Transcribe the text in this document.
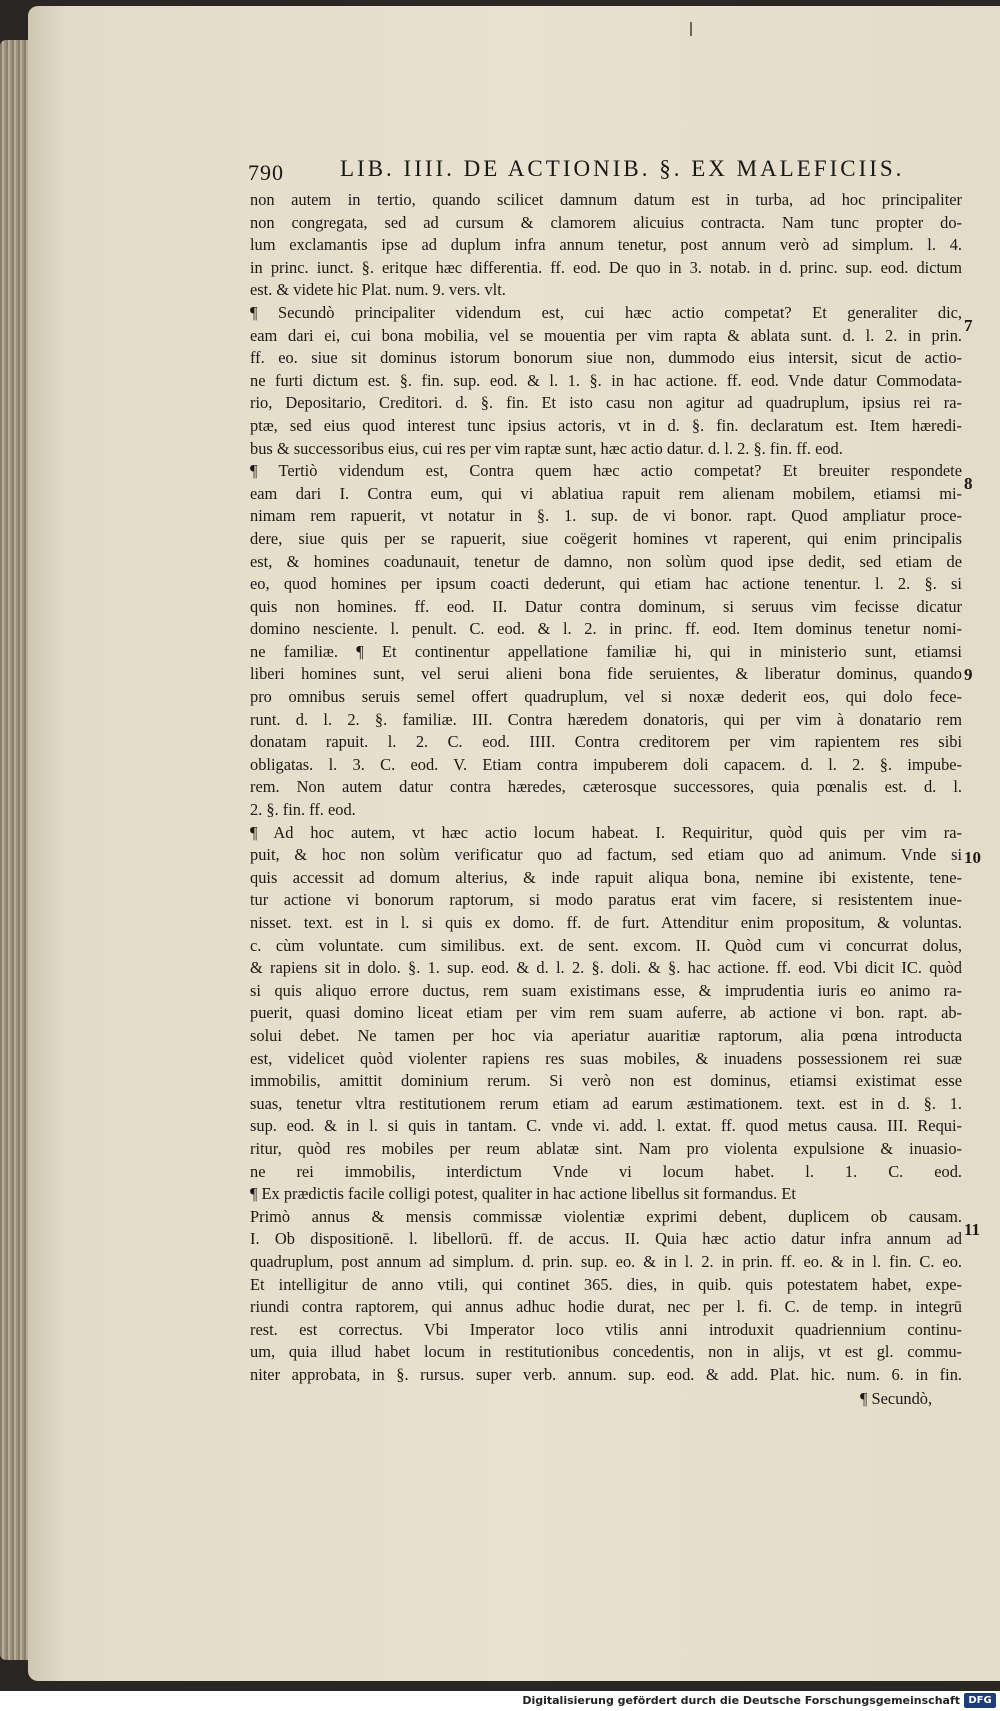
790 LIB. IIII. DE ACTIONIB. §. EX MALEFICIIS.
non autem in tertio, quando scilicet damnum datum est in turba, ad hoc principaliter
non congregata, sed ad cursum & clamorem alicuius contracta. Nam tunc propter do-
lum exclamantis ipse ad duplum infra annum tenetur, post annum verò ad simplum. l. 4.
in princ. iunct. §. eritque hæc differentia. ff. eod. De quo in 3. notab. in d. princ. sup. eod. dictum
est. & videte hic Plat. num. 9. vers. vlt.
¶ Secundò principaliter videndum est, cui hæc actio competat? Et generaliter dic,
eam dari ei, cui bona mobilia, vel se mouentia per vim rapta & ablata sunt. d. l. 2. in prin.
ff. eo. siue sit dominus istorum bonorum siue non, dummodo eius intersit, sicut de actio-
ne furti dictum est. §. fin. sup. eod. & l. 1. §. in hac actione. ff. eod. Vnde datur Commodata-
rio, Depositario, Creditori. d. §. fin. Et isto casu non agitur ad quadruplum, ipsius rei ra-
ptæ, sed eius quod interest tunc ipsius actoris, vt in d. §. fin. declaratum est. Item hæredi-
bus & successoribus eius, cui res per vim raptæ sunt, hæc actio datur. d. l. 2. §. fin. ff. eod.
¶ Tertiò videndum est, Contra quem hæc actio competat? Et breuiter respondete
eam dari I. Contra eum, qui vi ablatiua rapuit rem alienam mobilem, etiamsi mi-
nimam rem rapuerit, vt notatur in §. 1. sup. de vi bonor. rapt. Quod ampliatur proce-
dere, siue quis per se rapuerit, siue coëgerit homines vt raperent, qui enim principalis
est, & homines coadunauit, tenetur de damno, non solùm quod ipse dedit, sed etiam de
eo, quod homines per ipsum coacti dederunt, qui etiam hac actione tenentur. l. 2. §. si
quis non homines. ff. eod. II. Datur contra dominum, si seruus vim fecisse dicatur
domino nesciente. l. penult. C. eod. & l. 2. in princ. ff. eod. Item dominus tenetur nomi-
ne familiæ. ¶ Et continentur appellatione familiæ hi, qui in ministerio sunt, etiamsi
liberi homines sunt, vel serui alieni bona fide seruientes, & liberatur dominus, quando
pro omnibus seruis semel offert quadruplum, vel si noxæ dederit eos, qui dolo fece-
runt. d. l. 2. §. familiæ. III. Contra hæredem donatoris, qui per vim à donatario rem
donatam rapuit. l. 2. C. eod. IIII. Contra creditorem per vim rapientem res sibi
obligatas. l. 3. C. eod. V. Etiam contra impuberem doli capacem. d. l. 2. §. impube-
rem. Non autem datur contra hæredes, cæterosque successores, quia pœnalis est. d. l.
2. §. fin. ff. eod.
¶ Ad hoc autem, vt hæc actio locum habeat. I. Requiritur, quòd quis per vim ra-
puit, & hoc non solùm verificatur quo ad factum, sed etiam quo ad animum. Vnde si
quis accessit ad domum alterius, & inde rapuit aliqua bona, nemine ibi existente, tene-
tur actione vi bonorum raptorum, si modo paratus erat vim facere, si resistentem inue-
nisset. text. est in l. si quis ex domo. ff. de furt. Attenditur enim propositum, & voluntas.
c. cùm voluntate. cum similibus. ext. de sent. excom. II. Quòd cum vi concurrat dolus,
& rapiens sit in dolo. §. 1. sup. eod. & d. l. 2. §. doli. & §. hac actione. ff. eod. Vbi dicit IC. quòd
si quis aliquo errore ductus, rem suam existimans esse, & imprudentia iuris eo animo ra-
puerit, quasi domino liceat etiam per vim rem suam auferre, ab actione vi bon. rapt. ab-
solui debet. Ne tamen per hoc via aperiatur auaritiæ raptorum, alia pœna introducta
est, videlicet quòd violenter rapiens res suas mobiles, & inuadens possessionem rei suæ
immobilis, amittit dominium rerum. Si verò non est dominus, etiamsi existimat esse
suas, tenetur vltra restitutionem rerum etiam ad earum æstimationem. text. est in d. §. 1.
sup. eod. & in l. si quis in tantam. C. vnde vi. add. l. extat. ff. quod metus causa. III. Requi-
ritur, quòd res mobiles per reum ablatæ sint. Nam pro violenta expulsione & inuasio-
ne rei immobilis, interdictum Vnde vi locum habet. l. 1. C. eod.
¶ Ex prædictis facile colligi potest, qualiter in hac actione libellus sit formandus. Et
Primò annus & mensis commissæ violentiæ exprimi debent, duplicem ob causam.
I. Ob dispositionē. l. libellorū. ff. de accus. II. Quia hæc actio datur infra annum ad
quadruplum, post annum ad simplum. d. prin. sup. eo. & in l. 2. in prin. ff. eo. & in l. fin. C. eo.
Et intelligitur de anno vtili, qui continet 365. dies, in quib. quis potestatem habet, expe-
riundi contra raptorem, qui annus adhuc hodie durat, nec per l. fi. C. de temp. in integrū
rest. est correctus. Vbi Imperator loco vtilis anni introduxit quadriennium continu-
um, quia illud habet locum in restitutionibus concedentis, non in alijs, vt est gl. commu-
niter approbata, in §. rursus. super verb. annum. sup. eod. & add. Plat. hic. num. 6. in fin.
7
8
9
10
11
¶ Secundò,
Digitalisierung gefördert durch die Deutsche Forschungsgemeinschaft DFG
